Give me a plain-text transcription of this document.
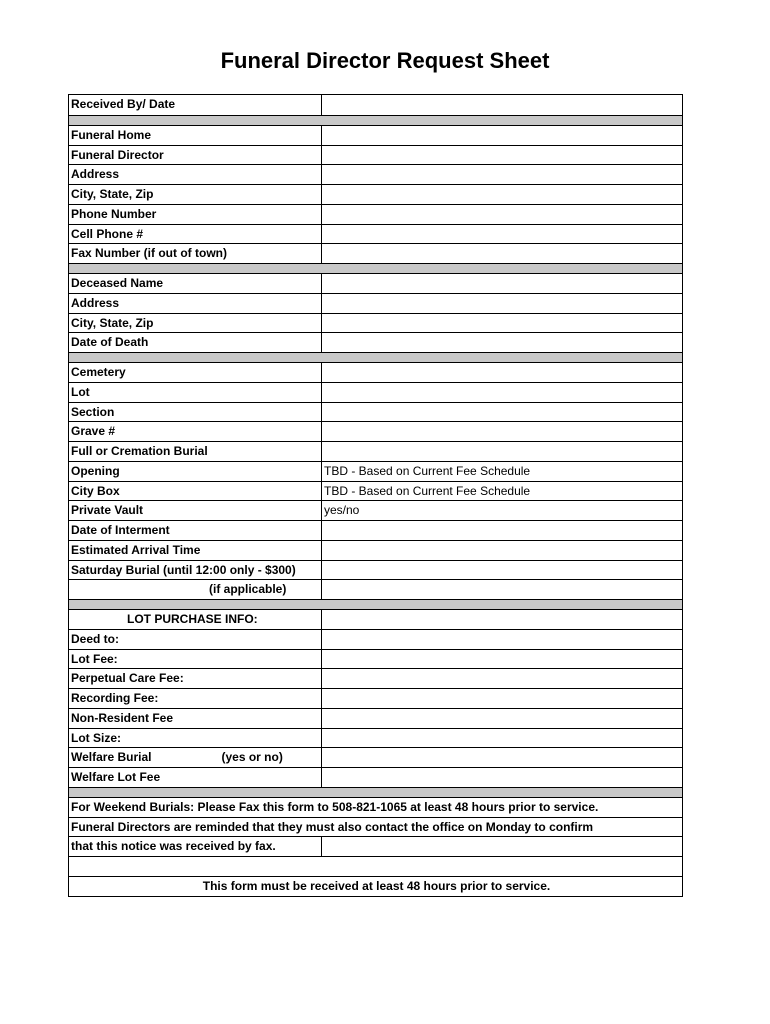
Funeral Director Request Sheet
Received By/ Date
Funeral Home
Funeral Director
Address
City, State, Zip
Phone Number
Cell Phone #
Fax Number (if out of town)
Deceased Name
Address
City, State, Zip
Date of Death
Cemetery
Lot
Section
Grave #
Full or Cremation Burial
Opening	TBD - Based on Current Fee Schedule
City Box	TBD - Based on Current Fee Schedule
Private Vault	yes/no
Date of Interment
Estimated Arrival Time
Saturday Burial (until 12:00 only - $300)
(if applicable)
LOT PURCHASE INFO:
Deed to:
Lot Fee:
Perpetual Care Fee:
Recording Fee:
Non-Resident Fee
Lot Size:
Welfare Burial	(yes or no)
Welfare Lot Fee
For Weekend Burials: Please Fax this form to 508-821-1065 at least 48 hours prior to service.
Funeral Directors are reminded that they must also contact the office on Monday to confirm
that this notice was received by fax.
This form must be received at least 48 hours prior to service.
